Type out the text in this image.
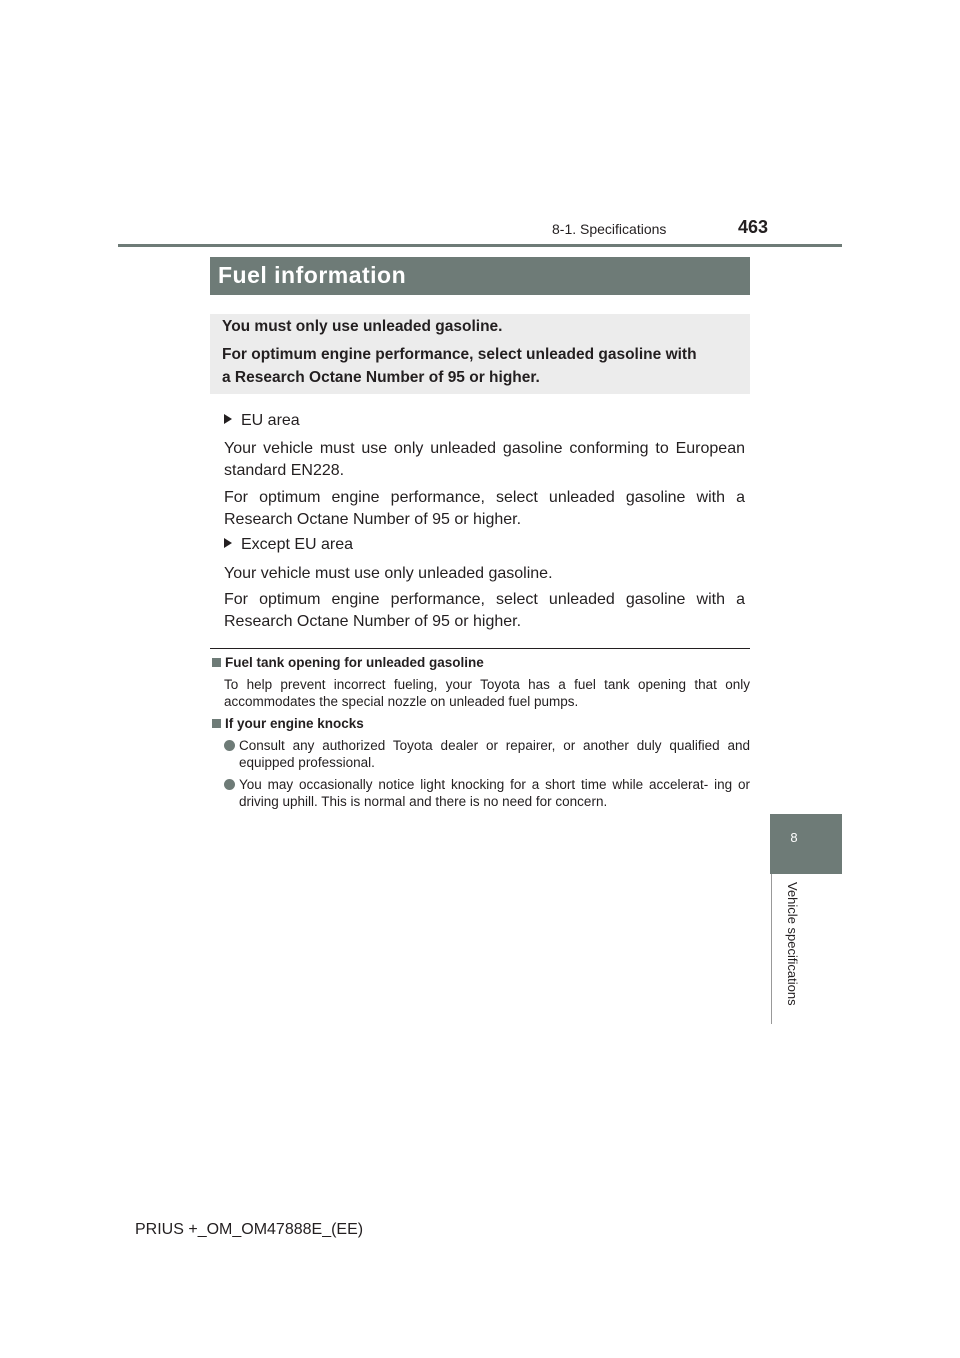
8-1. Specifications	463
8
Vehicle specifications
Fuel information
You must only use unleaded gasoline.
For optimum engine performance, select unleaded gasoline with
a Research Octane Number of 95 or higher.
EU area
Your vehicle must use only unleaded gasoline conforming to European standard EN228.
For optimum engine performance, select unleaded gasoline with a Research Octane Number of 95 or higher.
Except EU area
Your vehicle must use only unleaded gasoline.
For optimum engine performance, select unleaded gasoline with a Research Octane Number of 95 or higher.
Fuel tank opening for unleaded gasoline
To help prevent incorrect fueling, your Toyota has a fuel tank opening that only accommodates the special nozzle on unleaded fuel pumps.
If your engine knocks
Consult any authorized Toyota dealer or repairer, or another duly qualified and equipped professional.
You may occasionally notice light knocking for a short time while accelerat- ing or driving uphill. This is normal and there is no need for concern.
PRIUS +_OM_OM47888E_(EE)
